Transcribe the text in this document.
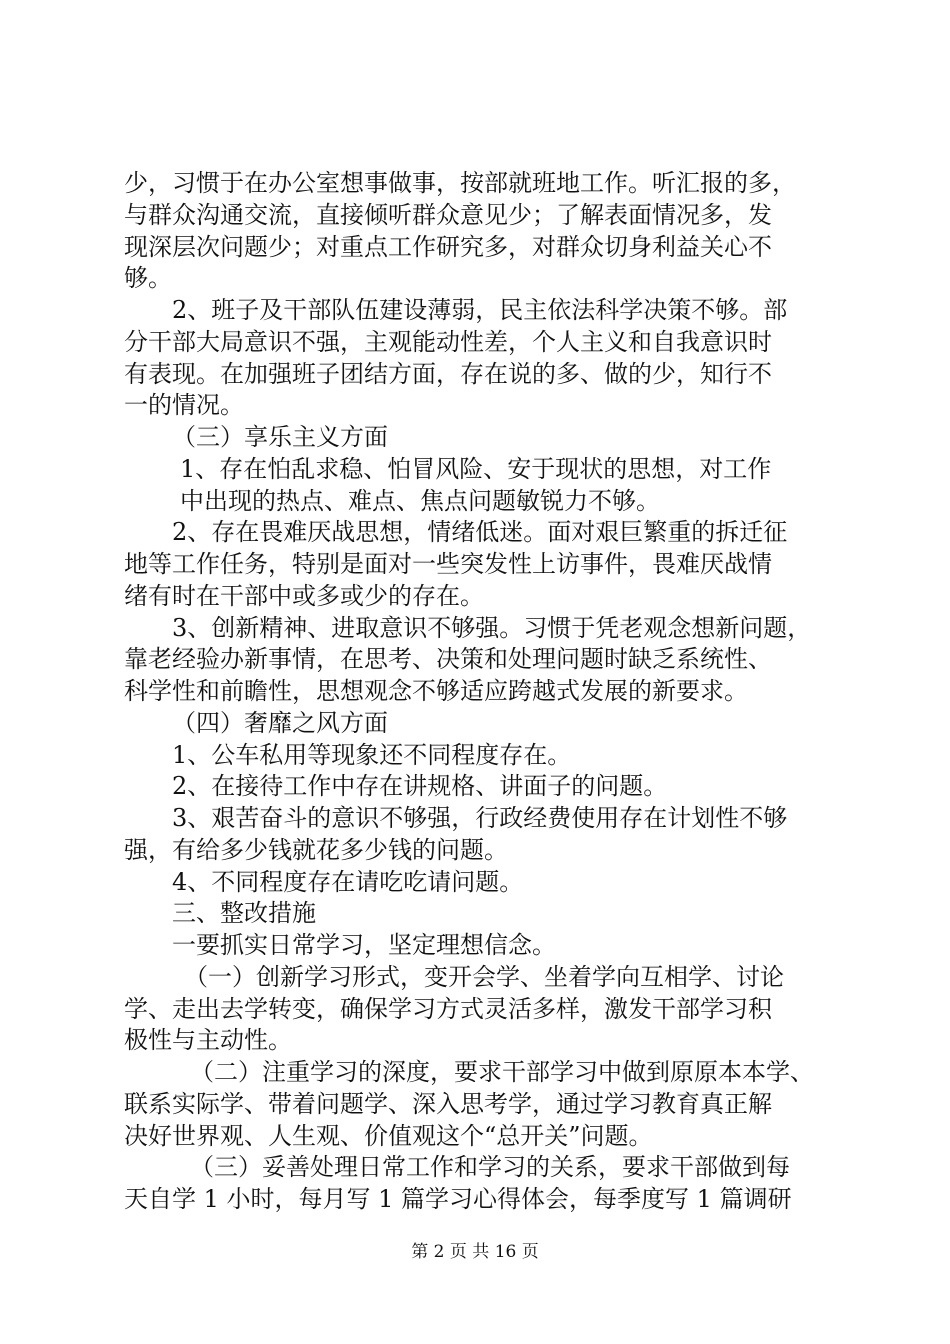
少，习惯于在办公室想事做事，按部就班地工作。听汇报的多，
与群众沟通交流，直接倾听群众意见少；了解表面情况多，发
现深层次问题少；对重点工作研究多，对群众切身利益关心不
够。
2、班子及干部队伍建设薄弱，民主依法科学决策不够。部
分干部大局意识不强，主观能动性差，个人主义和自我意识时
有表现。在加强班子团结方面，存在说的多、做的少，知行不
一的情况。
（三）享乐主义方面
1、存在怕乱求稳、怕冒风险、安于现状的思想，对工作
中出现的热点、难点、焦点问题敏锐力不够。
2、存在畏难厌战思想，情绪低迷。面对艰巨繁重的拆迁征
地等工作任务，特别是面对一些突发性上访事件，畏难厌战情
绪有时在干部中或多或少的存在。
3、创新精神、进取意识不够强。习惯于凭老观念想新问题，
靠老经验办新事情，在思考、决策和处理问题时缺乏系统性、
科学性和前瞻性，思想观念不够适应跨越式发展的新要求。
（四）奢靡之风方面
1、公车私用等现象还不同程度存在。
2、在接待工作中存在讲规格、讲面子的问题。
3、艰苦奋斗的意识不够强，行政经费使用存在计划性不够
强，有给多少钱就花多少钱的问题。
4、不同程度存在请吃吃请问题。
三、整改措施
一要抓实日常学习，坚定理想信念。
（一）创新学习形式，变开会学、坐着学向互相学、讨论
学、走出去学转变，确保学习方式灵活多样，激发干部学习积
极性与主动性。
（二）注重学习的深度，要求干部学习中做到原原本本学、
联系实际学、带着问题学、深入思考学，通过学习教育真正解
决好世界观、人生观、价值观这个“总开关”问题。
（三）妥善处理日常工作和学习的关系，要求干部做到每
天自学 1 小时，每月写 1 篇学习心得体会，每季度写 1 篇调研
第 2 页 共 16 页
